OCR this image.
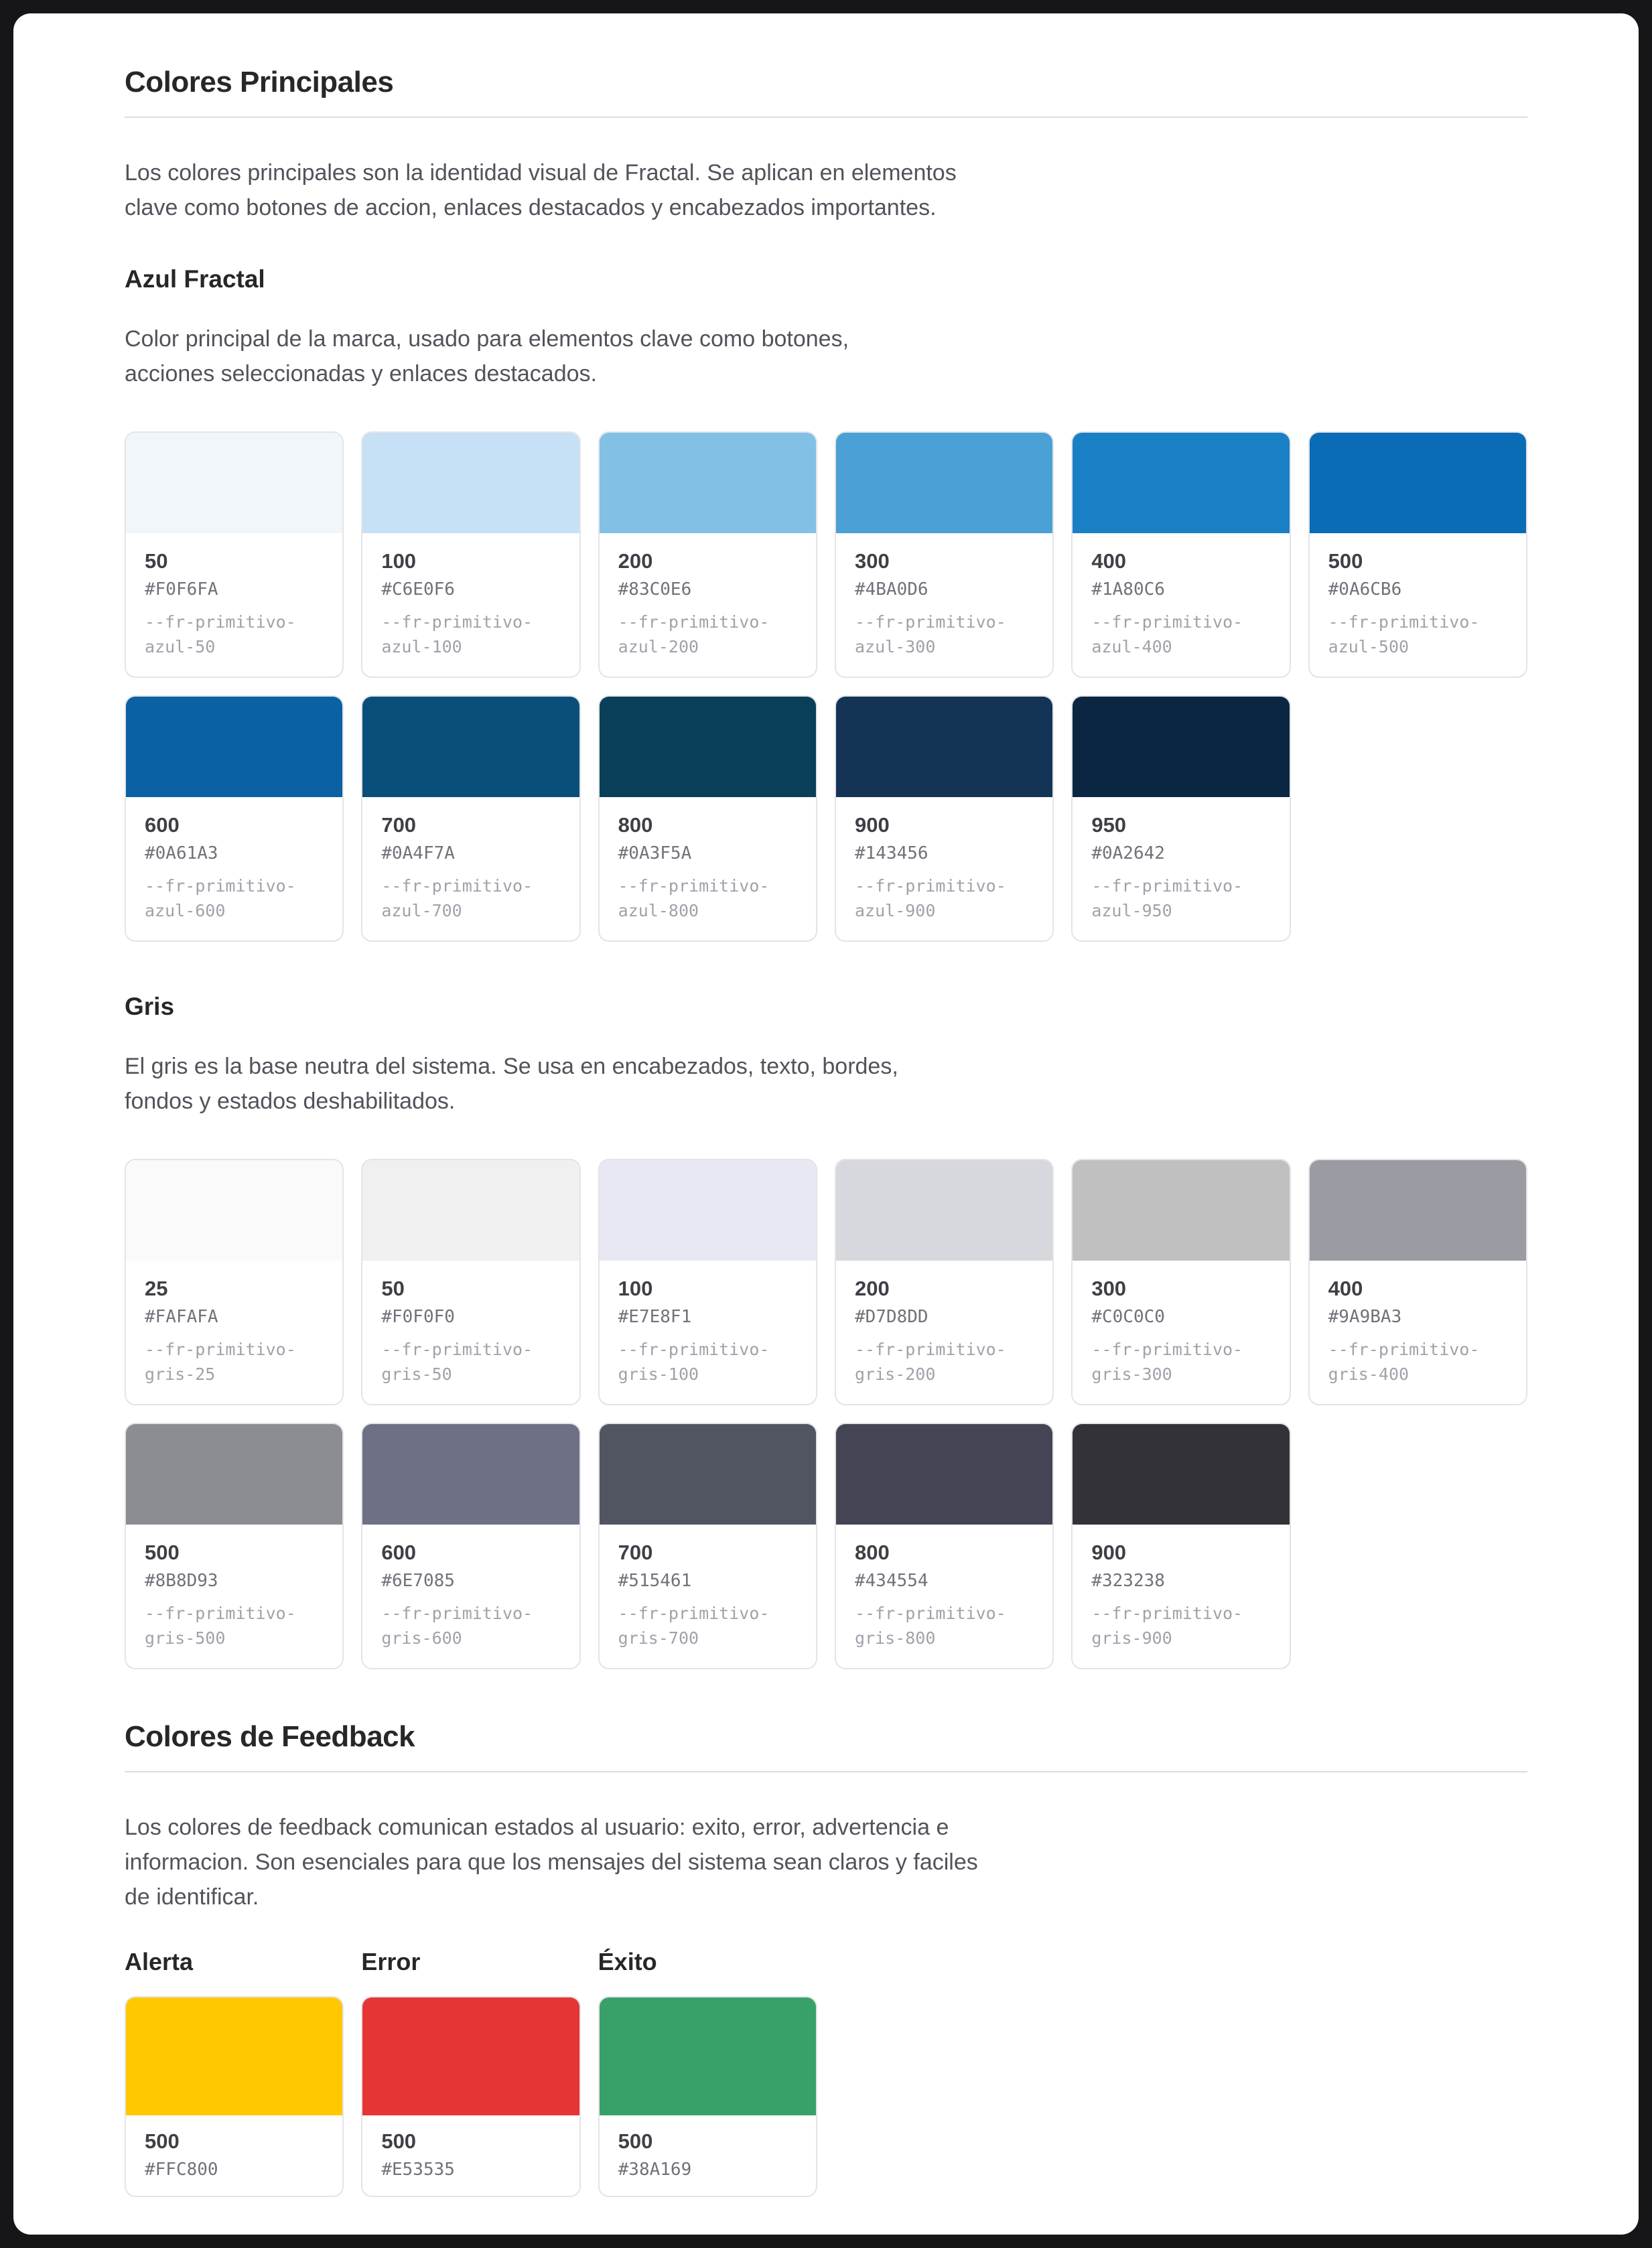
Colores Principales
Los colores principales son la identidad visual de Fractal. Se aplican en elementos
clave como botones de accion, enlaces destacados y encabezados importantes.
Azul Fractal
Color principal de la marca, usado para elementos clave como botones,
acciones seleccionadas y enlaces destacados.
50
#F0F6FA
--fr-primitivo-azul-50
100
#C6E0F6
--fr-primitivo-azul-100
200
#83C0E6
--fr-primitivo-azul-200
300
#4BA0D6
--fr-primitivo-azul-300
400
#1A80C6
--fr-primitivo-azul-400
500
#0A6CB6
--fr-primitivo-azul-500
600
#0A61A3
--fr-primitivo-azul-600
700
#0A4F7A
--fr-primitivo-azul-700
800
#0A3F5A
--fr-primitivo-azul-800
900
#143456
--fr-primitivo-azul-900
950
#0A2642
--fr-primitivo-azul-950
Gris
El gris es la base neutra del sistema. Se usa en encabezados, texto, bordes,
fondos y estados deshabilitados.
25
#FAFAFA
--fr-primitivo-gris-25
50
#F0F0F0
--fr-primitivo-gris-50
100
#E7E8F1
--fr-primitivo-gris-100
200
#D7D8DD
--fr-primitivo-gris-200
300
#C0C0C0
--fr-primitivo-gris-300
400
#9A9BA3
--fr-primitivo-gris-400
500
#8B8D93
--fr-primitivo-gris-500
600
#6E7085
--fr-primitivo-gris-600
700
#515461
--fr-primitivo-gris-700
800
#434554
--fr-primitivo-gris-800
900
#323238
--fr-primitivo-gris-900
Colores de Feedback
Los colores de feedback comunican estados al usuario: exito, error, advertencia e
informacion. Son esenciales para que los mensajes del sistema sean claros y faciles
de identificar.
Alerta
500
#FFC800
Error
500
#E53535
Éxito
500
#38A169
